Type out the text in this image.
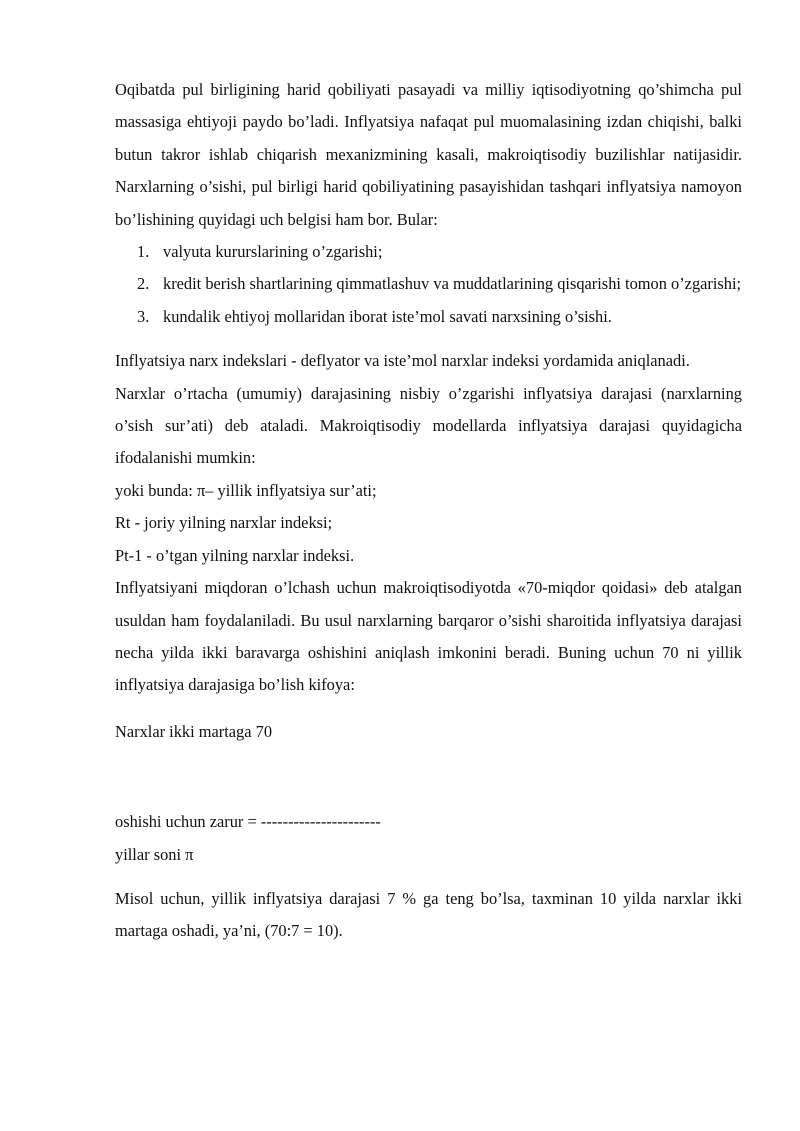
Oqibatda pul birligining harid qobiliyati pasayadi va milliy iqtisodiyotning qo’shimcha pul massasiga ehtiyoji paydo bo’ladi. Inflyatsiya nafaqat pul muomalasining izdan chiqishi, balki butun takror ishlab chiqarish mexanizmining kasali, makroiqtisodiy buzilishlar natijasidir. Narxlarning o’sishi, pul birligi harid qobiliyatining pasayishidan tashqari inflyatsiya namoyon bo’lishining quyidagi uch belgisi ham bor. Bular:

1. valyuta kururslarining o’zgarishi;
2. kredit berish shartlarining qimmatlashuv va muddatlarining qisqarishi tomon o’zgarishi;
3. kundalik ehtiyoj mollaridan iborat iste’mol savati narxsining o’sishi.

Inflyatsiya narx indekslari - deflyator va iste’mol narxlar indeksi yordamida aniqlanadi.

Narxlar o’rtacha (umumiy) darajasining nisbiy o’zgarishi inflyatsiya darajasi (narxlarning o’sish sur’ati) deb ataladi. Makroiqtisodiy modellarda inflyatsiya darajasi quyidagicha ifodalanishi mumkin:

yoki bunda: π– yillik inflyatsiya sur’ati;

Rt - joriy yilning narxlar indeksi;

Pt-1 - o’tgan yilning narxlar indeksi.

Inflyatsiyani miqdoran o’lchash uchun makroiqtisodiyotda «70-miqdor qoidasi» deb atalgan usuldan ham foydalaniladi. Bu usul narxlarning barqaror o’sishi sharoitida inflyatsiya darajasi necha yilda ikki baravarga oshishini aniqlash imkonini beradi. Buning uchun 70 ni yillik inflyatsiya darajasiga bo’lish kifoya:

Narxlar ikki martaga 70

oshishi uchun zarur = ----------------------

yillar soni π

Misol uchun, yillik inflyatsiya darajasi 7 % ga teng bo’lsa, taxminan 10 yilda narxlar ikki martaga oshadi, ya’ni, (70:7 = 10).
